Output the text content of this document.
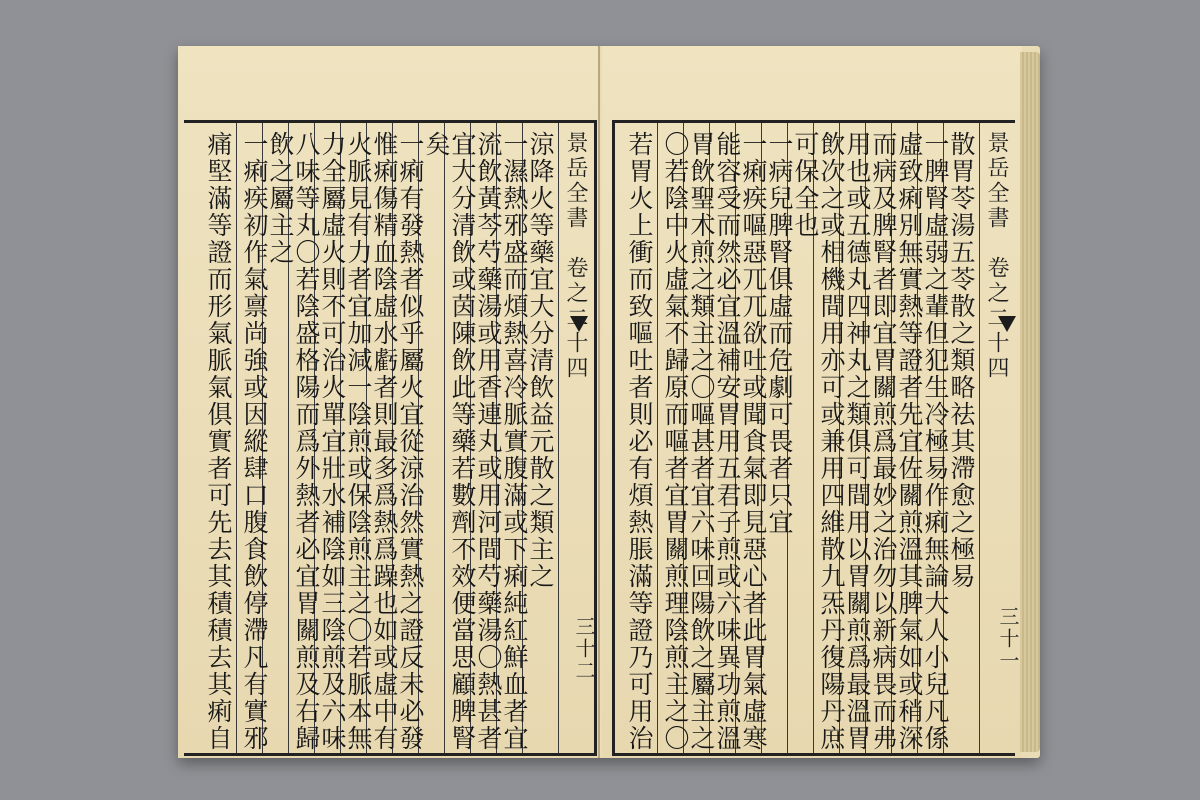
景岳全書　卷之二十四
涼降火等藥宜大分清飲益元散之類主之
一濕熱邪盛而煩熱喜冷脈實腹滿或下痢純紅鮮血者宜
流飲黃芩芍藥湯或用香連丸或用河間芍藥湯〇熱甚者
宜大分清飲或茵陳飲此等藥若數劑不效便當思顧脾腎
矣
一痢有發熱者似乎屬火宜從涼治然實熱之證反未必發
惟痢傷精血陰虛水虧者則最多爲熱爲躁也如或虛中有
火脈見有力者宜加減一陰煎或保陰煎主之〇若脈本無
力全屬虛火則不可治火單宜壯水補陰如三陰煎及六味
八味等丸〇若陰盛格陽而爲外熱者必宜胃關煎及右歸
飲之屬主之
一痢疾初作氣禀尚強或因縱肆口腹食飲停滯凡有實邪
痛堅滿等證而形氣脈氣俱實者可先去其積積去其痢自	三十二
景岳全書　卷之二十四
散胃苓湯五苓散之類略祛其滯愈之極易
一脾腎虛弱之輩但犯生冷極易作痢無論大人小兒凡係
虛致痢別無實熱等證者先宜佐關煎溫其脾氣如或稍深
而病及脾腎者即宜胃關煎爲最妙之治勿以新病畏而弗
用也或五德丸四神丸之類俱可間用以胃關煎爲最溫胃
飲次之或相機間用亦可或兼用四維散九炁丹復陽丹庶
可保全也
一病兒脾腎俱虛而危劇可畏者只宜
一痢疾嘔惡兀兀欲吐或聞食氣即見惡心者此胃氣虛寒
能容受而然必宜溫補安胃用五君子煎或六味異功煎溫
胃飲聖术煎之類主之〇嘔甚者宜六味回陽飲之屬主之
〇若陰中火虛氣不歸原而嘔者宜胃關煎理陰煎主之〇
若胃火上衝而致嘔吐者則必有煩熱脹滿等證乃可用治	三十一
